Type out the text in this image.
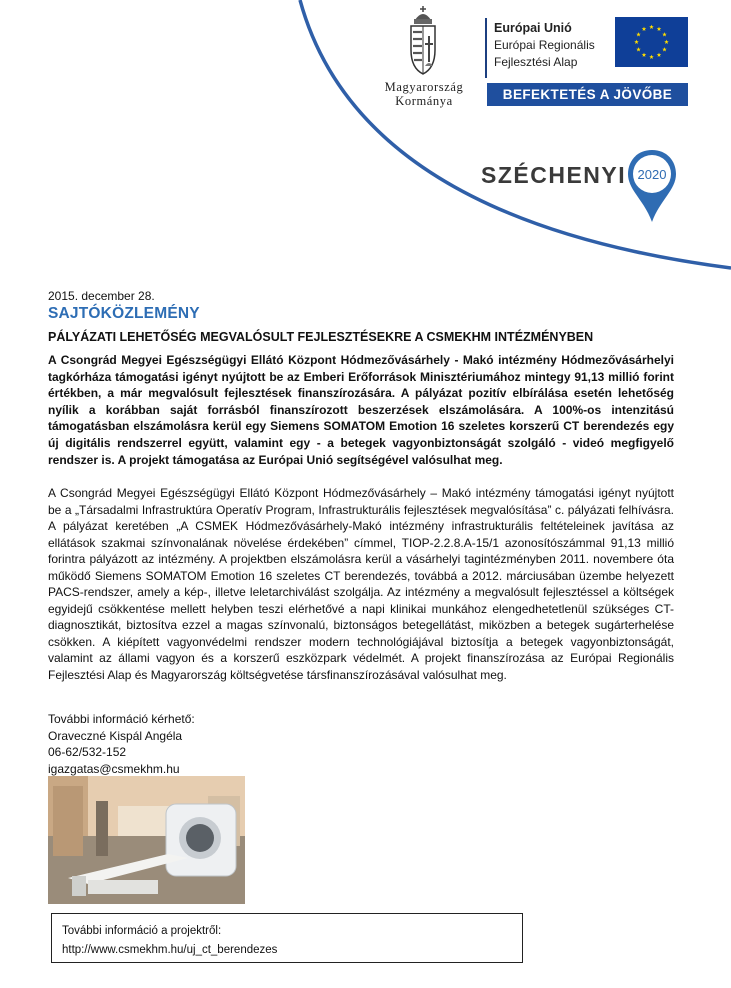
Magyarország
Kormánya
Európai Unió
Európai Regionális
Fejlesztési Alap
BEFEKTETÉS A JÖVŐBE
SZÉCHENYI 2020
2015. december 28.
SAJTÓKÖZLEMÉNY
PÁLYÁZATI LEHETŐSÉG MEGVALÓSULT FEJLESZTÉSEKRE A CSMEKHM INTÉZMÉNYBEN

A Csongrád Megyei Egészségügyi Ellátó Központ Hódmezővásárhely - Makó intézmény Hódmezővásárhelyi tagkórháza támogatási igényt nyújtott be az Emberi Erőforrások Minisztériumához mintegy 91,13 millió forint értékben, a már megvalósult fejlesztések finanszírozására. A pályázat pozitív elbírálása esetén lehetőség nyílik a korábban saját forrásból finanszírozott beszerzések elszámolására. A 100%-os intenzitású támogatásban elszámolásra kerül egy Siemens SOMATOM Emotion 16 szeletes korszerű CT berendezés egy új digitális rendszerrel együtt, valamint egy - a betegek vagyonbiztonságát szolgáló - videó megfigyelő rendszer is. A projekt támogatása az Európai Unió segítségével valósulhat meg.

A Csongrád Megyei Egészségügyi Ellátó Központ Hódmezővásárhely – Makó intézmény támogatási igényt nyújtott be a „Társadalmi Infrastruktúra Operatív Program, Infrastrukturális fejlesztések megvalósítása” c. pályázati felhívásra. A pályázat keretében „A CSMEK Hódmezővásárhely-Makó intézmény infrastrukturális feltételeinek javítása az ellátások szakmai színvonalának növelése érdekében” címmel, TIOP-2.2.8.A-15/1 azonosítószámmal 91,13 millió forintra pályázott az intézmény. A projektben elszámolásra kerül a vásárhelyi tagintézményben 2011. novembere óta működő Siemens SOMATOM Emotion 16 szeletes CT berendezés, továbbá a 2012. márciusában üzembe helyezett PACS-rendszer, amely a kép-, illetve leletarchiválást szolgálja. Az intézmény a megvalósult fejlesztéssel a költségek egyidejű csökkentése mellett helyben teszi elérhetővé a napi klinikai munkához elengedhetetlenül szükséges CT-diagnosztikát, biztosítva ezzel a magas színvonalú, biztonságos betegellátást, miközben a betegek sugárterhelése csökken. A kiépített vagyonvédelmi rendszer modern technológiájával biztosítja a betegek vagyonbiztonságát, valamint az állami vagyon és a korszerű eszközpark védelmét. A projekt finanszírozása az Európai Regionális Fejlesztési Alap és Magyarország költségvetése társfinanszírozásával valósulhat meg.

További információ kérhető:
Oraveczné Kispál Angéla
06-62/532-152
igazgatas@csmekhm.hu
További információ a projektről:
http://www.csmekhm.hu/uj_ct_berendezes
